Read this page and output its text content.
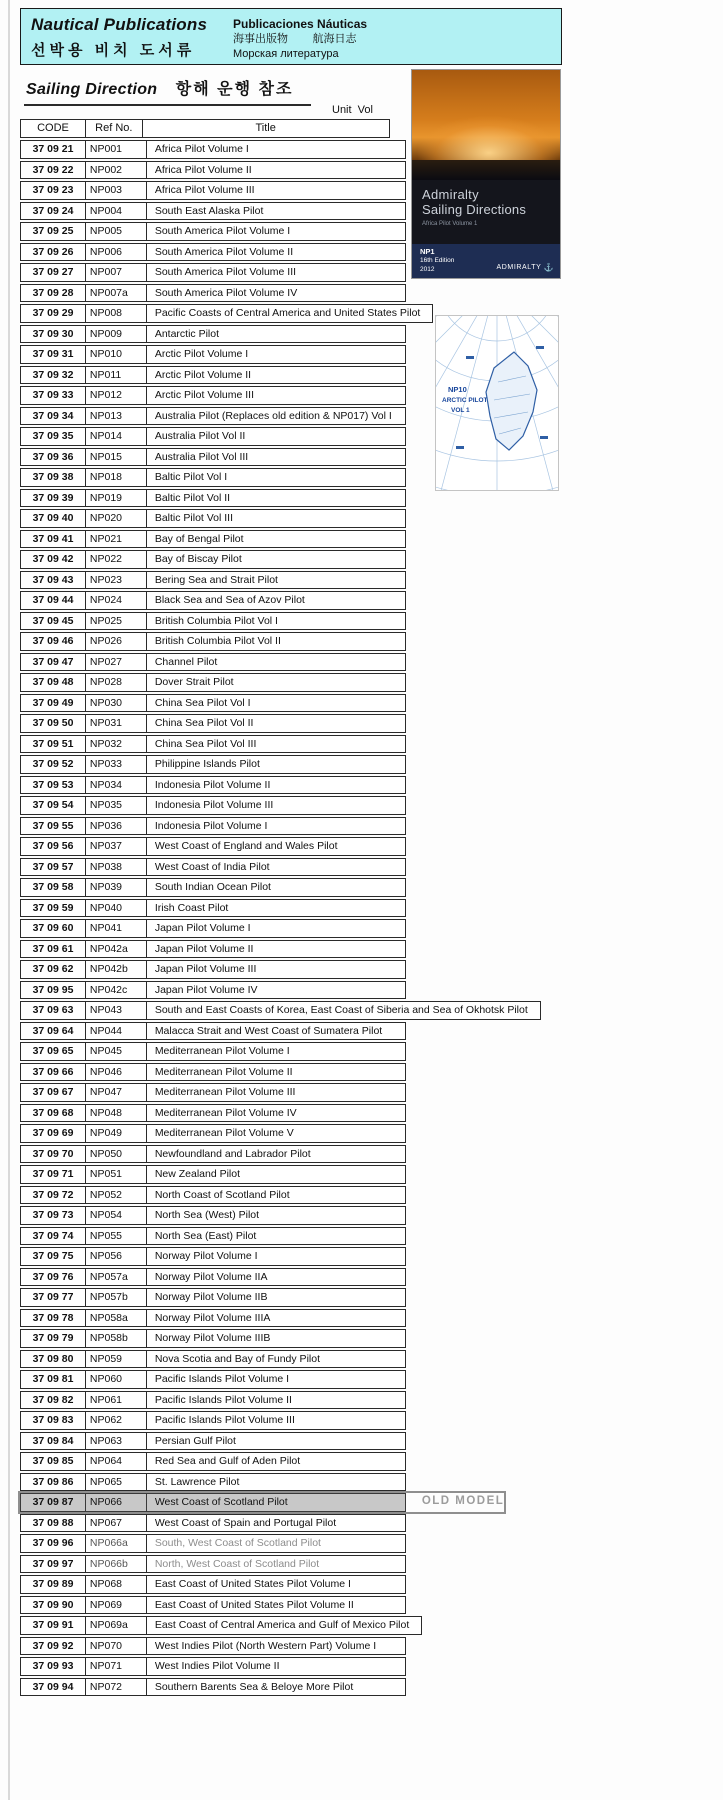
Nautical Publications
선박용 비치 도서류
Publicaciones Náuticas
海事出版物        航海日志
Морская литература
Sailing Direction 항해 운행 참조
Unit  Vol
CODE	Ref No.	Title
37 09 21	NP001	Africa Pilot Volume I
37 09 22	NP002	Africa Pilot Volume II
37 09 23	NP003	Africa Pilot Volume III
37 09 24	NP004	South East Alaska Pilot
37 09 25	NP005	South America Pilot Volume I
37 09 26	NP006	South America Pilot Volume II
37 09 27	NP007	South America Pilot Volume III
37 09 28	NP007a	South America Pilot Volume IV
37 09 29	NP008	Pacific Coasts of Central America and United States Pilot
37 09 30	NP009	Antarctic Pilot
37 09 31	NP010	Arctic Pilot Volume I
37 09 32	NP011	Arctic Pilot Volume II
37 09 33	NP012	Arctic Pilot Volume III
37 09 34	NP013	Australia Pilot (Replaces old edition & NP017) Vol I
37 09 35	NP014	Australia Pilot Vol II
37 09 36	NP015	Australia Pilot Vol III
37 09 38	NP018	Baltic Pilot Vol I
37 09 39	NP019	Baltic Pilot Vol II
37 09 40	NP020	Baltic Pilot Vol III
37 09 41	NP021	Bay of Bengal Pilot
37 09 42	NP022	Bay of Biscay Pilot
37 09 43	NP023	Bering Sea and Strait Pilot
37 09 44	NP024	Black Sea and Sea of Azov Pilot
37 09 45	NP025	British Columbia Pilot Vol I
37 09 46	NP026	British Columbia Pilot Vol II
37 09 47	NP027	Channel Pilot
37 09 48	NP028	Dover Strait Pilot
37 09 49	NP030	China Sea Pilot Vol I
37 09 50	NP031	China Sea Pilot Vol II
37 09 51	NP032	China Sea Pilot Vol III
37 09 52	NP033	Philippine Islands Pilot
37 09 53	NP034	Indonesia Pilot Volume II
37 09 54	NP035	Indonesia Pilot Volume III
37 09 55	NP036	Indonesia Pilot Volume I
37 09 56	NP037	West Coast of England and Wales Pilot
37 09 57	NP038	West Coast of India Pilot
37 09 58	NP039	South Indian Ocean Pilot
37 09 59	NP040	Irish Coast Pilot
37 09 60	NP041	Japan Pilot Volume I
37 09 61	NP042a	Japan Pilot Volume II
37 09 62	NP042b	Japan Pilot Volume III
37 09 95	NP042c	Japan Pilot Volume IV
37 09 63	NP043	South and East Coasts of Korea, East Coast of Siberia and Sea of Okhotsk Pilot
37 09 64	NP044	Malacca Strait and West Coast of Sumatera Pilot
37 09 65	NP045	Mediterranean Pilot Volume I
37 09 66	NP046	Mediterranean Pilot Volume II
37 09 67	NP047	Mediterranean Pilot Volume III
37 09 68	NP048	Mediterranean Pilot Volume IV
37 09 69	NP049	Mediterranean Pilot Volume V
37 09 70	NP050	Newfoundland and Labrador Pilot
37 09 71	NP051	New Zealand Pilot
37 09 72	NP052	North Coast of Scotland Pilot
37 09 73	NP054	North Sea (West) Pilot
37 09 74	NP055	North Sea (East) Pilot
37 09 75	NP056	Norway Pilot Volume I
37 09 76	NP057a	Norway Pilot Volume IIA
37 09 77	NP057b	Norway Pilot Volume IIB
37 09 78	NP058a	Norway Pilot Volume IIIA
37 09 79	NP058b	Norway Pilot Volume IIIB
37 09 80	NP059	Nova Scotia and Bay of Fundy Pilot
37 09 81	NP060	Pacific Islands Pilot Volume I
37 09 82	NP061	Pacific Islands Pilot Volume II
37 09 83	NP062	Pacific Islands Pilot Volume III
37 09 84	NP063	Persian Gulf Pilot
37 09 85	NP064	Red Sea and Gulf of Aden Pilot
37 09 86	NP065	St. Lawrence Pilot
37 09 87	NP066	West Coast of Scotland Pilot	OLD MODEL
37 09 88	NP067	West Coast of Spain and Portugal Pilot
37 09 96	NP066a	South, West Coast of Scotland Pilot
37 09 97	NP066b	North, West Coast of Scotland Pilot
37 09 89	NP068	East Coast of United States Pilot Volume I
37 09 90	NP069	East Coast of United States Pilot Volume II
37 09 91	NP069a	East Coast of Central America and Gulf of Mexico Pilot
37 09 92	NP070	West Indies Pilot (North Western Part) Volume I
37 09 93	NP071	West Indies Pilot Volume II
37 09 94	NP072	Southern Barents Sea & Beloye More Pilot
Admiralty
Sailing Directions
Africa Pilot Volume 1
NP1
16th Edition
2012	ADMIRALTY ⚓
NP10
ARCTIC PILOT
VOL 1
